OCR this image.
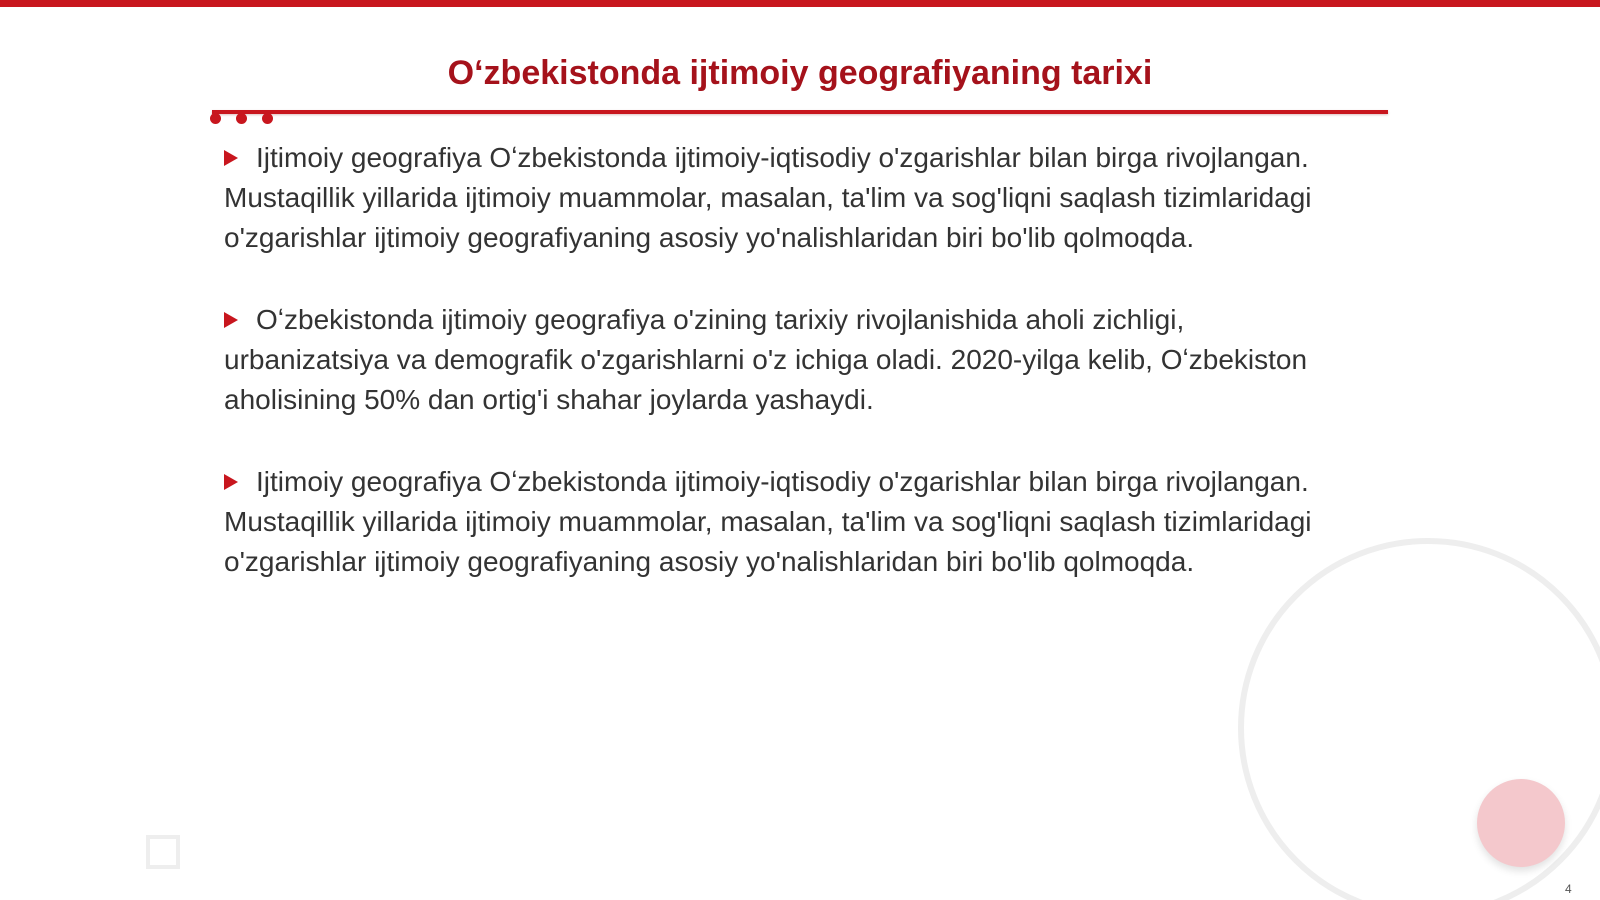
Oʻzbekistonda ijtimoiy geografiyaning tarixi

Ijtimoiy geografiya Oʻzbekistonda ijtimoiy-iqtisodiy o'zgarishlar bilan birga rivojlangan. Mustaqillik yillarida ijtimoiy muammolar, masalan, ta'lim va sog'liqni saqlash tizimlaridagi o'zgarishlar ijtimoiy geografiyaning asosiy yo'nalishlaridan biri bo'lib qolmoqda.

Oʻzbekistonda ijtimoiy geografiya o'zining tarixiy rivojlanishida aholi zichligi, urbanizatsiya va demografik o'zgarishlarni o'z ichiga oladi. 2020-yilga kelib, Oʻzbekiston aholisining 50% dan ortig'i shahar joylarda yashaydi.

Ijtimoiy geografiya Oʻzbekistonda ijtimoiy-iqtisodiy o'zgarishlar bilan birga rivojlangan. Mustaqillik yillarida ijtimoiy muammolar, masalan, ta'lim va sog'liqni saqlash tizimlaridagi o'zgarishlar ijtimoiy geografiyaning asosiy yo'nalishlaridan biri bo'lib qolmoqda.

4
